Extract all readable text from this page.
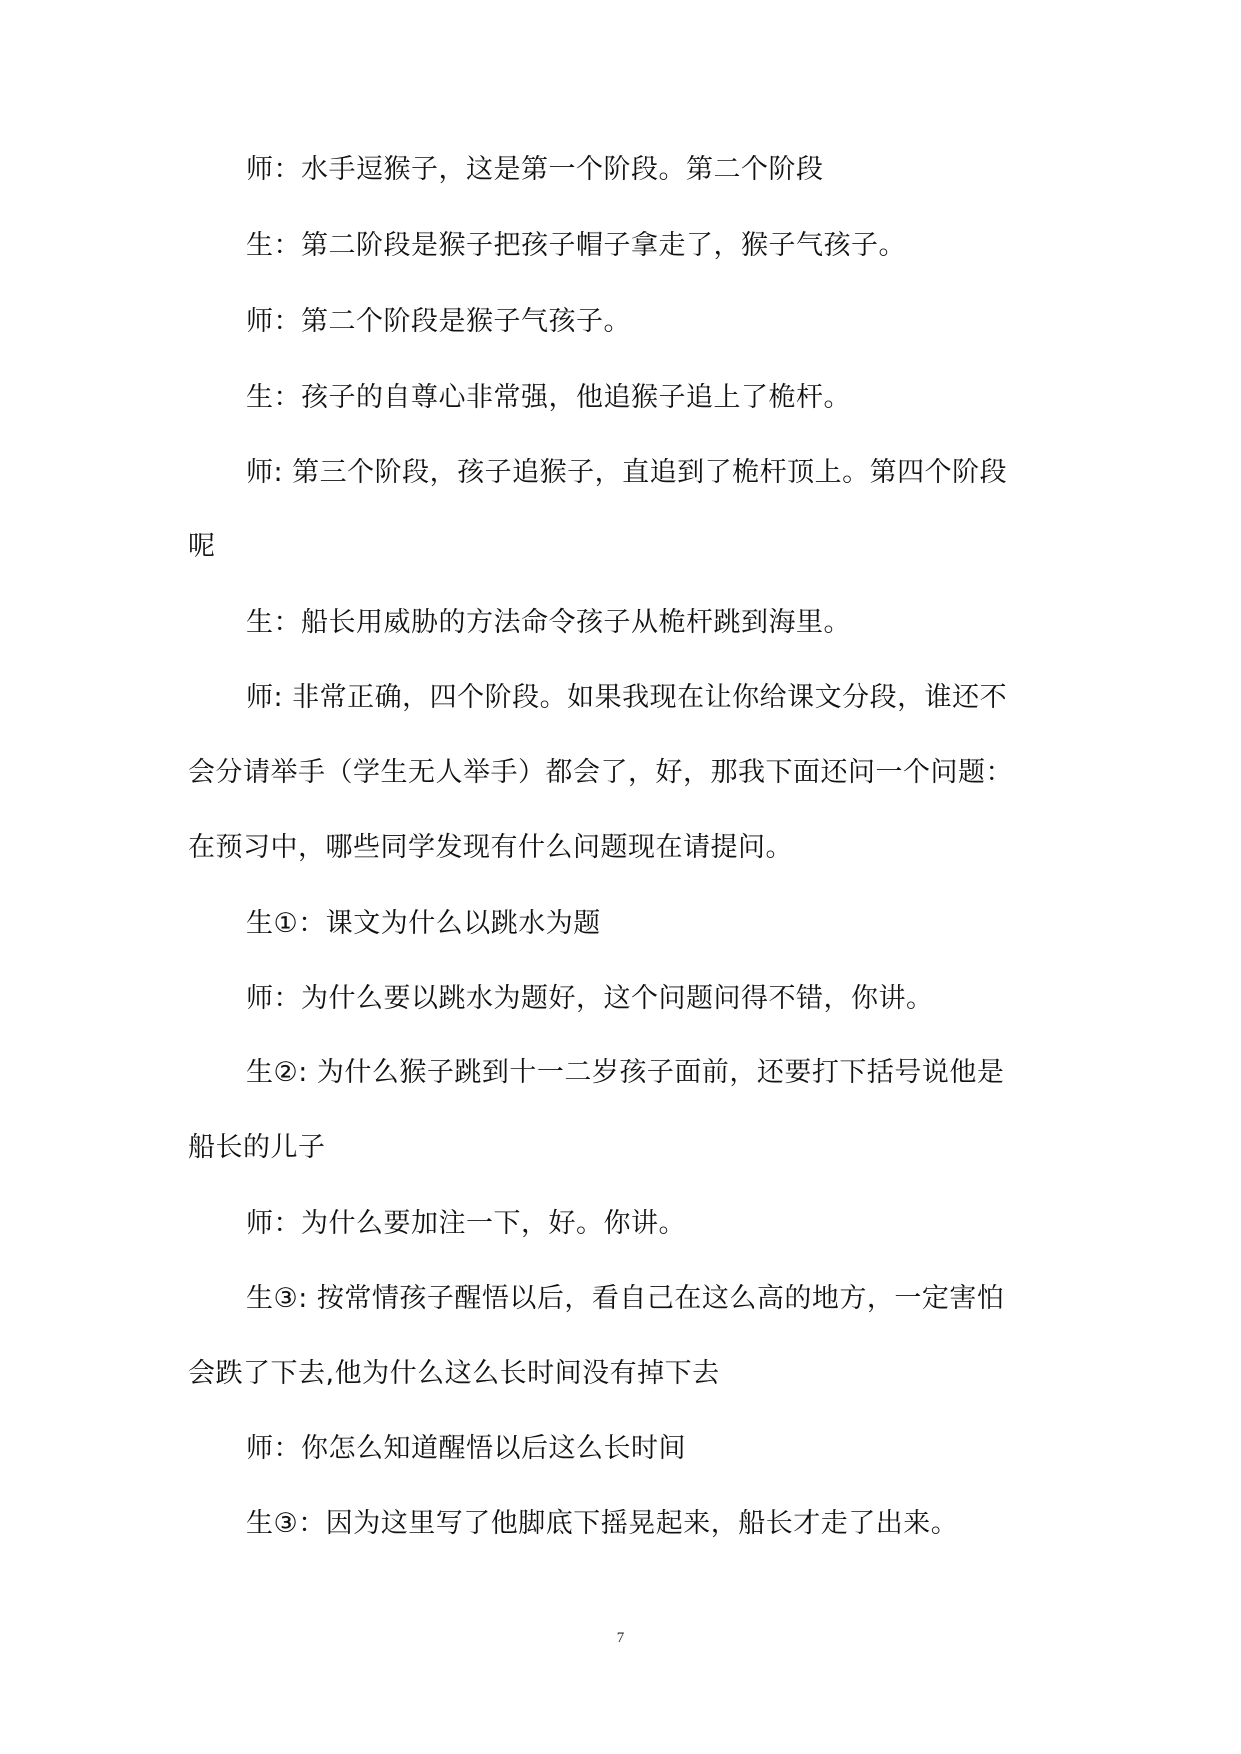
师：水手逗猴子，这是第一个阶段。第二个阶段
生：第二阶段是猴子把孩子帽子拿走了，猴子气孩子。
师：第二个阶段是猴子气孩子。
生：孩子的自尊心非常强，他追猴子追上了桅杆。
师: 第三个阶段，孩子追猴子，直追到了桅杆顶上。第四个阶段
呢
生：船长用威胁的方法命令孩子从桅杆跳到海里。
师: 非常正确，四个阶段。如果我现在让你给课文分段，谁还不
会分请举手（学生无人举手）都会了，好，那我下面还问一个问题：
在预习中，哪些同学发现有什么问题现在请提问。
生①：课文为什么以跳水为题
师：为什么要以跳水为题好，这个问题问得不错，你讲。
生②: 为什么猴子跳到十一二岁孩子面前，还要打下括号说他是
船长的儿子
师：为什么要加注一下，好。你讲。
生③: 按常情孩子醒悟以后，看自己在这么高的地方，一定害怕
会跌了下去,他为什么这么长时间没有掉下去
师：你怎么知道醒悟以后这么长时间
生③：因为这里写了他脚底下摇晃起来，船长才走了出来。
7
